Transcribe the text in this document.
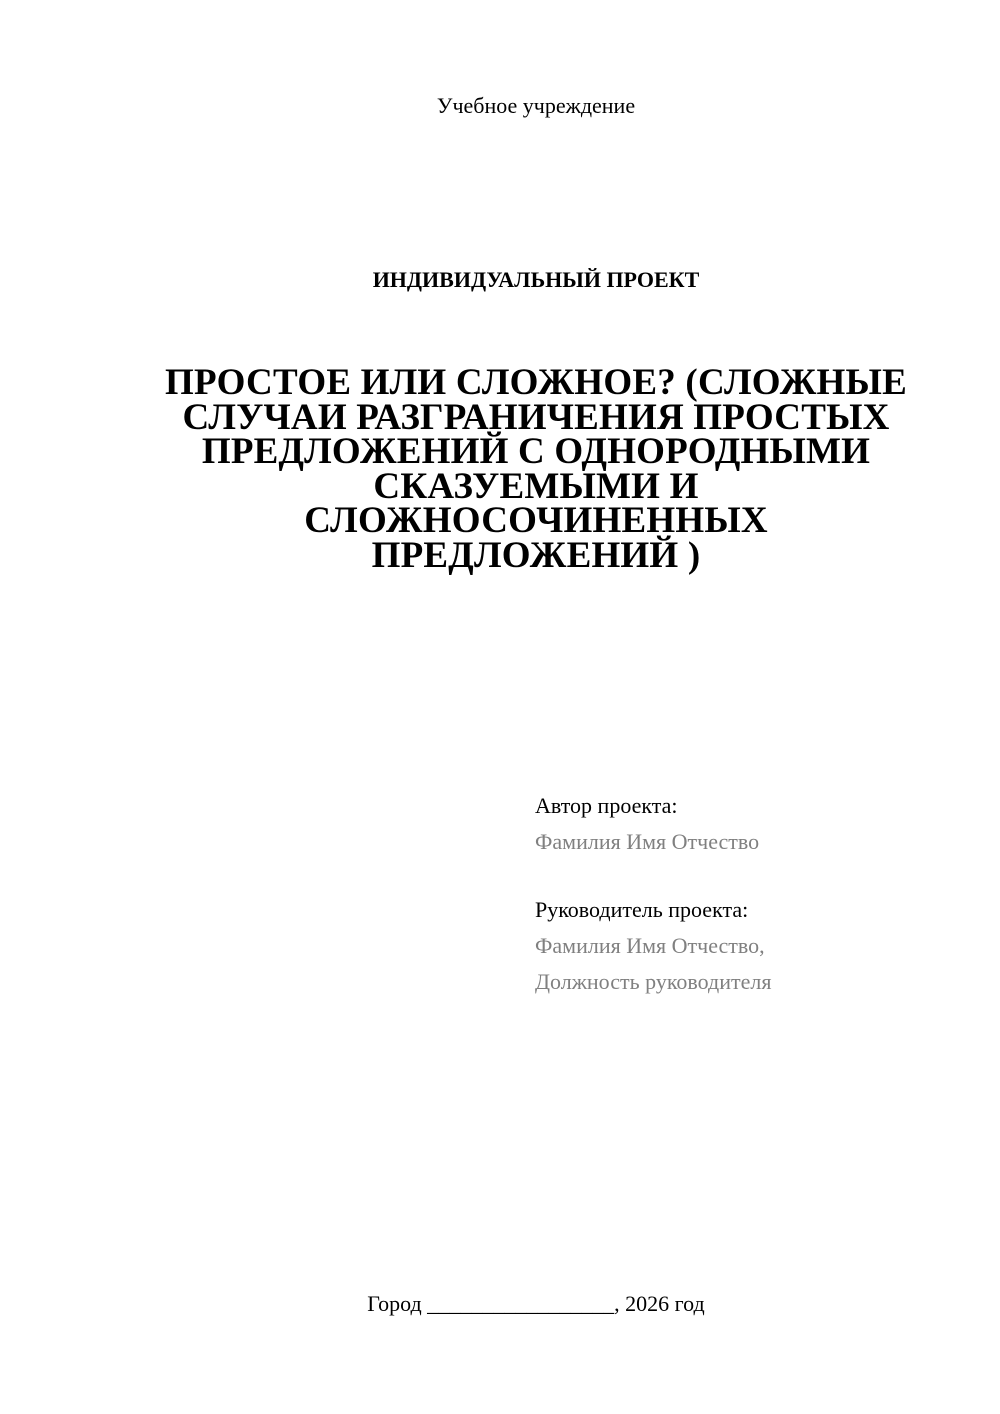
Учебное учреждение
ИНДИВИДУАЛЬНЫЙ ПРОЕКТ
ПРОСТОЕ ИЛИ СЛОЖНОЕ? (СЛОЖНЫЕ
СЛУЧАИ РАЗГРАНИЧЕНИЯ ПРОСТЫХ
ПРЕДЛОЖЕНИЙ С ОДНОРОДНЫМИ
СКАЗУЕМЫМИ И
СЛОЖНОСОЧИНЕННЫХ
ПРЕДЛОЖЕНИЙ )
Автор проекта:
Фамилия Имя Отчество
Руководитель проекта:
Фамилия Имя Отчество,
Должность руководителя
Город _________________, 2026 год
